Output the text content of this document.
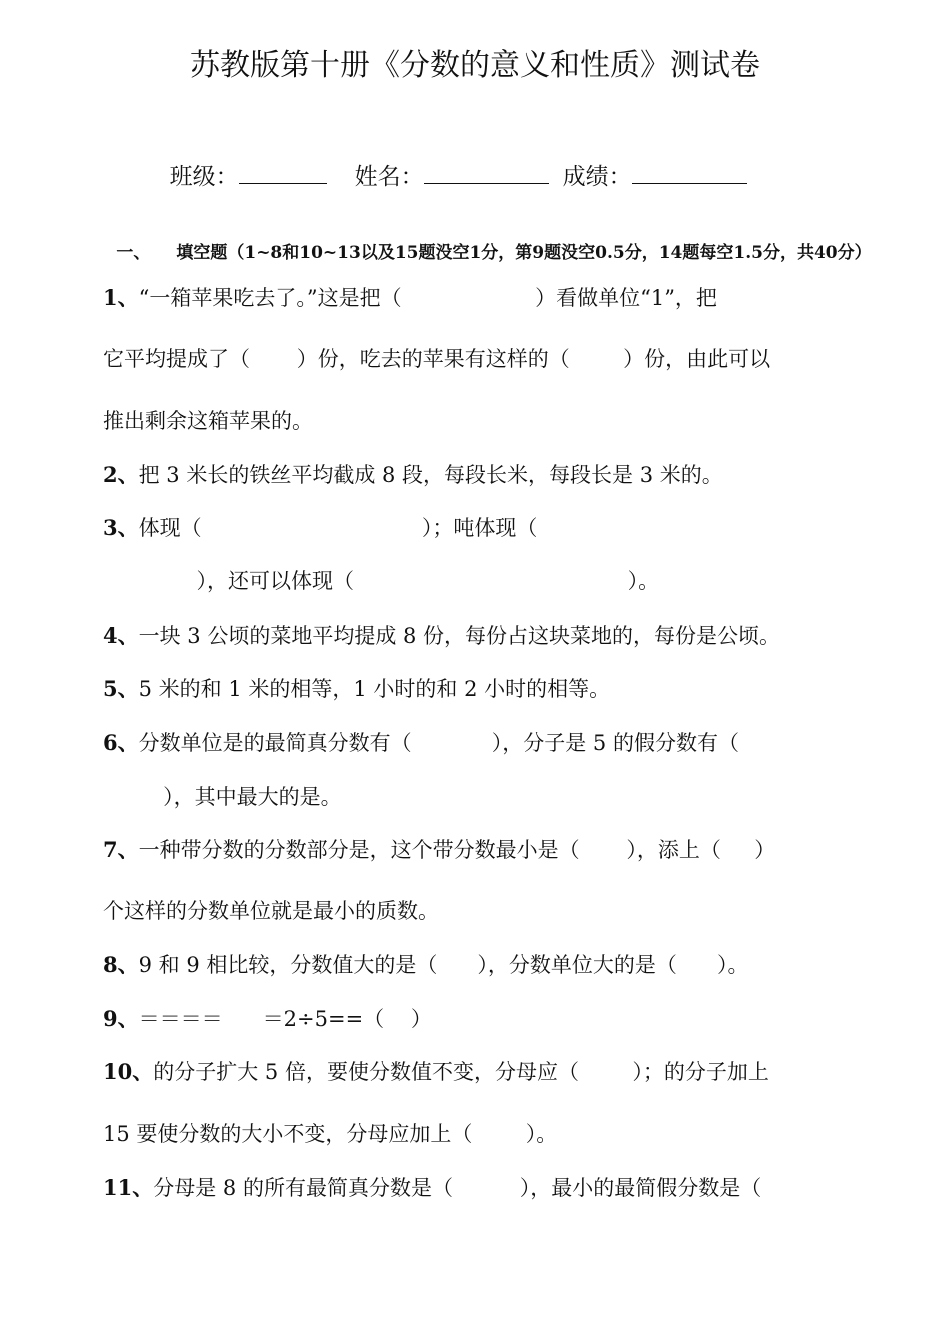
苏教版第十册《分数的意义和性质》测试卷

班级：	姓名：	成绩：

一、 填空题（1~8和10~13以及15题没空1分，第9题没空0.5分，14题每空1.5分，共40分）

1、“一箱苹果吃去了。”这是把（                    ）看做单位“1”，把
它平均提成了（       ）份，吃去的苹果有这样的（        ）份，由此可以
推出剩余这箱苹果的。
2、把 3 米长的铁丝平均截成 8 段，每段长米，每段长是 3 米的。
3、体现（                                 ）；吨体现（
），还可以体现（                                         ）。
4、一块 3 公顷的菜地平均提成 8 份，每份占这块菜地的，每份是公顷。
5、5 米的和 1 米的相等，1 小时的和 2 小时的相等。
6、分数单位是的最简真分数有（            ），分子是 5 的假分数有（
），其中最大的是。
7、一种带分数的分数部分是，这个带分数最小是（       ），添上（     ）
个这样的分数单位就是最小的质数。
8、9 和 9 相比较，分数值大的是（      ），分数单位大的是（      ）。
9、＝＝＝＝      ＝2÷5==（    ）
10、的分子扩大 5 倍，要使分数值不变，分母应（        ）；的分子加上
15 要使分数的大小不变，分母应加上（        ）。
11、分母是 8 的所有最简真分数是（          ），最小的最简假分数是（
